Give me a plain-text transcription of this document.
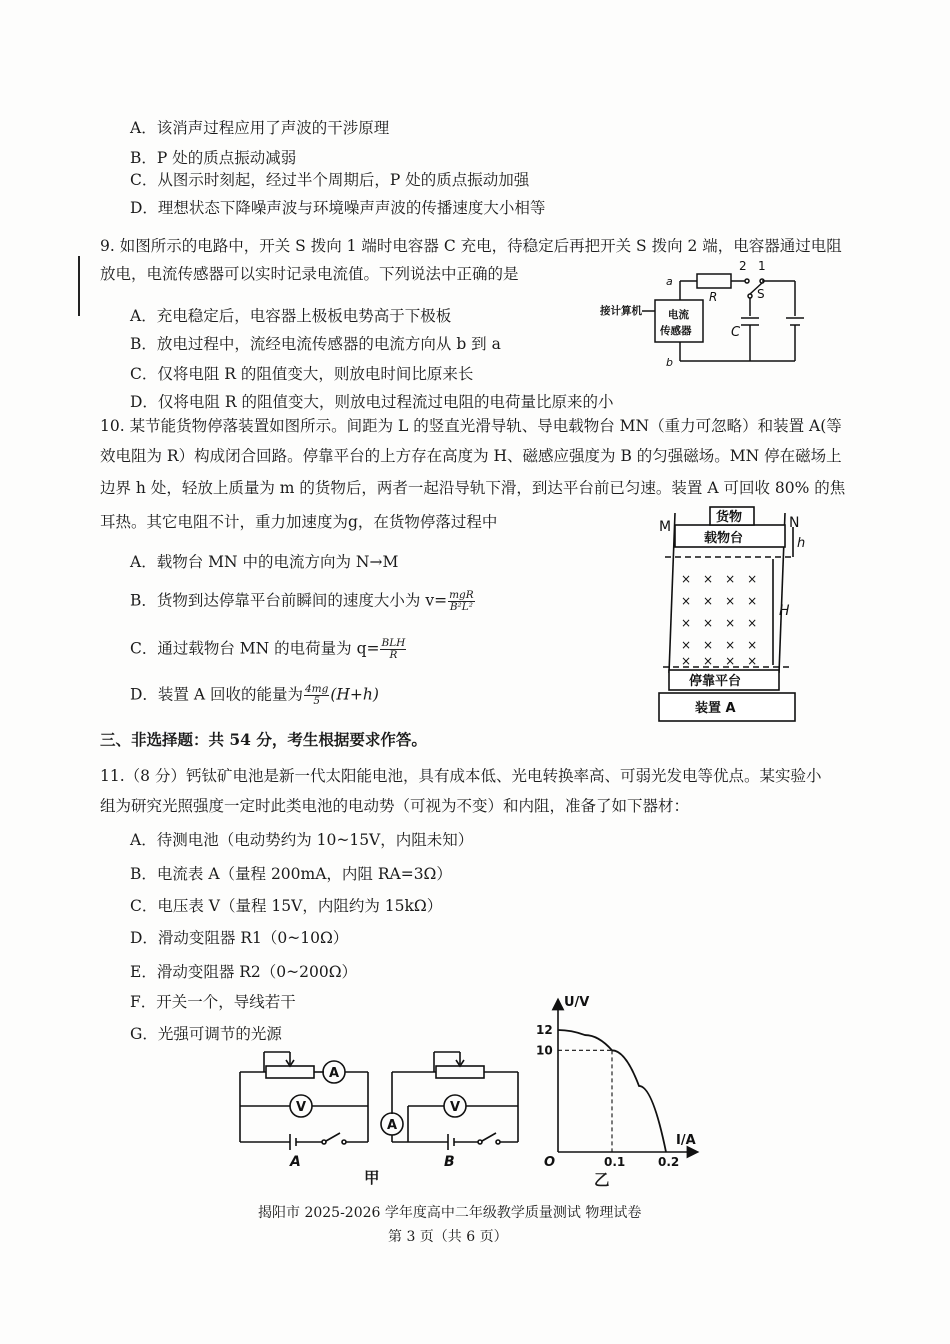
A．该消声过程应用了声波的干涉原理
B．P 处的质点振动减弱
C．从图示时刻起，经过半个周期后，P 处的质点振动加强
D．理想状态下降噪声波与环境噪声声波的传播速度大小相等
9. 如图所示的电路中，开关 S 拨向 1 端时电容器 C 充电，待稳定后再把开关 S 拨向 2 端，电容器通过电阻
放电，电流传感器可以实时记录电流值。下列说法中正确的是
A．充电稳定后，电容器上极板电势高于下极板
B．放电过程中，流经电流传感器的电流方向从 b 到 a
C．仅将电阻 R 的阻值变大，则放电时间比原来长
D．仅将电阻 R 的阻值变大，则放电过程流过电阻的电荷量比原来的小
a
b
R
2 1
S
C
接计算机 电流
传感器
10. 某节能货物停落装置如图所示。间距为 L 的竖直光滑导轨、导电载物台 MN（重力可忽略）和装置 A(等
效电阻为 R）构成闭合回路。停靠平台的上方存在高度为 H、磁感应强度为 B 的匀强磁场。MN 停在磁场上
边界 h 处，轻放上质量为 m 的货物后，两者一起沿导轨下滑，到达平台前已匀速。装置 A 可回收 80% 的焦
耳热。其它电阻不计，重力加速度为g，在货物停落过程中
A．载物台 MN 中的电流方向为 N→M
B．货物到达停靠平台前瞬间的速度大小为 $v= \frac{\text{mgR}}{\text{B²L²}}$
C．通过载物台 MN 的电荷量为 $q= \frac{\text{BLH}}{R}$
D．装置 A 回收的能量为 $\frac{4mg}{5} (H+h)$
×　×　×　×
×　×　×　×
×　×　×　×
×　×　×　×
×　×　×　×
M	N
货物
载物台	h
H
停靠平台
装置 A
三、非选择题：共 54 分，考生根据要求作答。
11.（8 分）钙钛矿电池是新一代太阳能电池，具有成本低、光电转换率高、可弱光发电等优点。某实验小
组为研究光照强度一定时此类电池的电动势（可视为不变）和内阻，准备了如下器材：
A．待测电池（电动势约为 10~15V，内阻未知）
B．电流表 A（量程 200mA，内阻 RA=3Ω）
C．电压表 V（量程 15V，内阻约为 15kΩ）
D．滑动变阻器 R1（0~10Ω）
E．滑动变阻器 R2（0~200Ω）
F．开关一个，导线若干
G．光强可调节的光源
A
V
A
A
V
B
甲
U/V
I/A
O
12
10
0.1	0.2
乙
揭阳市 2025-2026 学年度高中二年级教学质量测试 物理试卷
第 3 页（共 6 页）
